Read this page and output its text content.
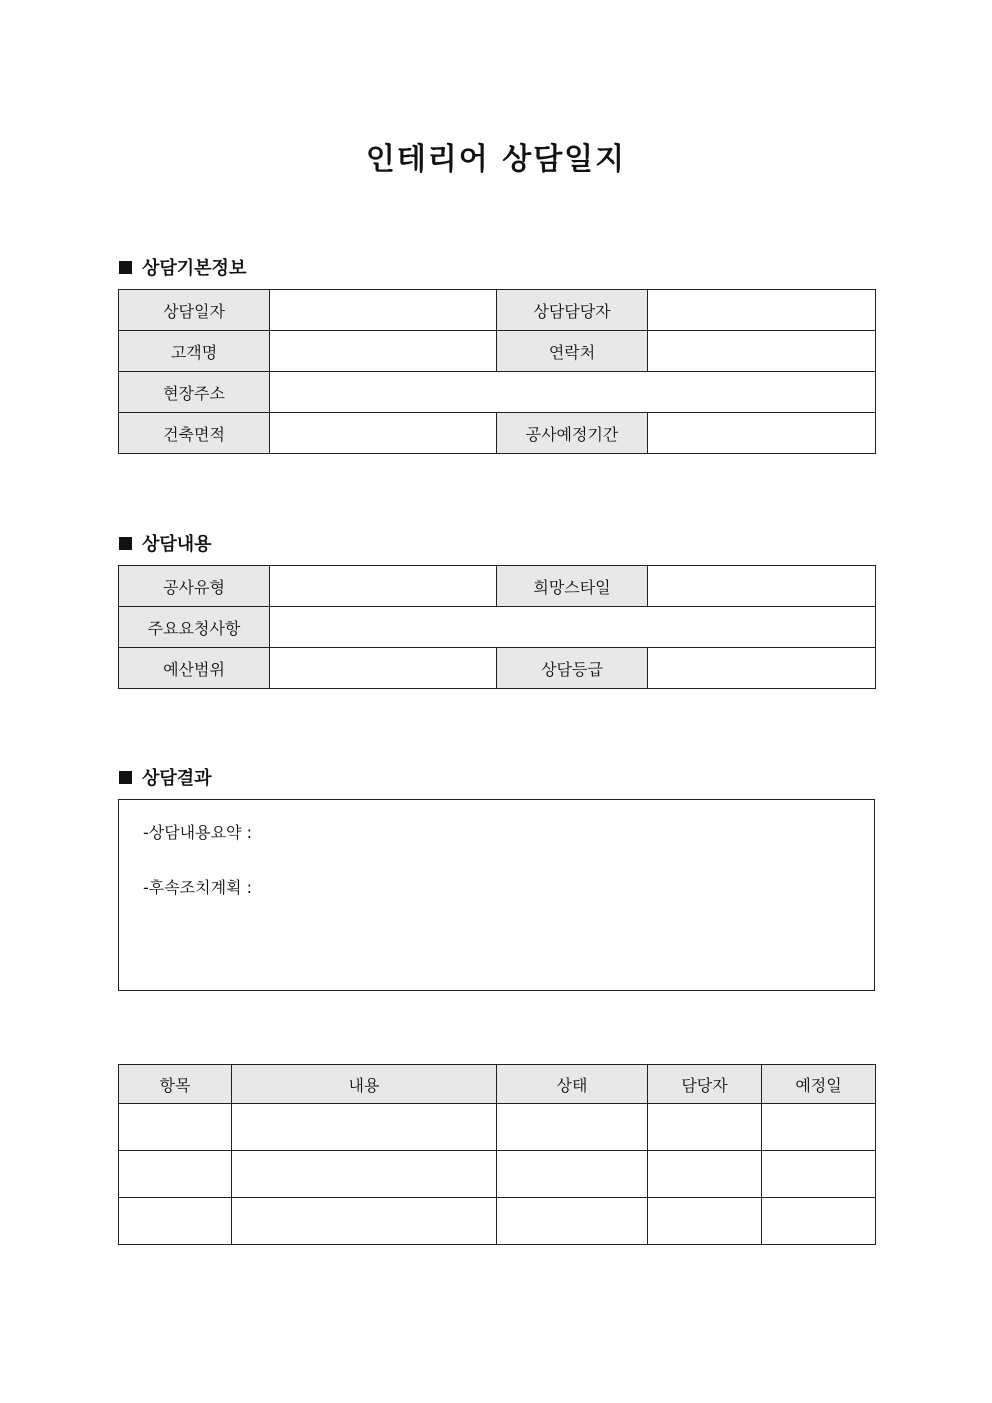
인테리어 상담일지
상담기본정보
상담일자		상담담당자	
고객명		연락처	
현장주소			
건축면적		공사예정기간	
상담내용
공사유형		희망스타일	
주요요청사항			
예산범위		상담등급	
상담결과
-상담내용요약 :
-후속조치계획 :
항목	내용	상태	담당자	예정일
